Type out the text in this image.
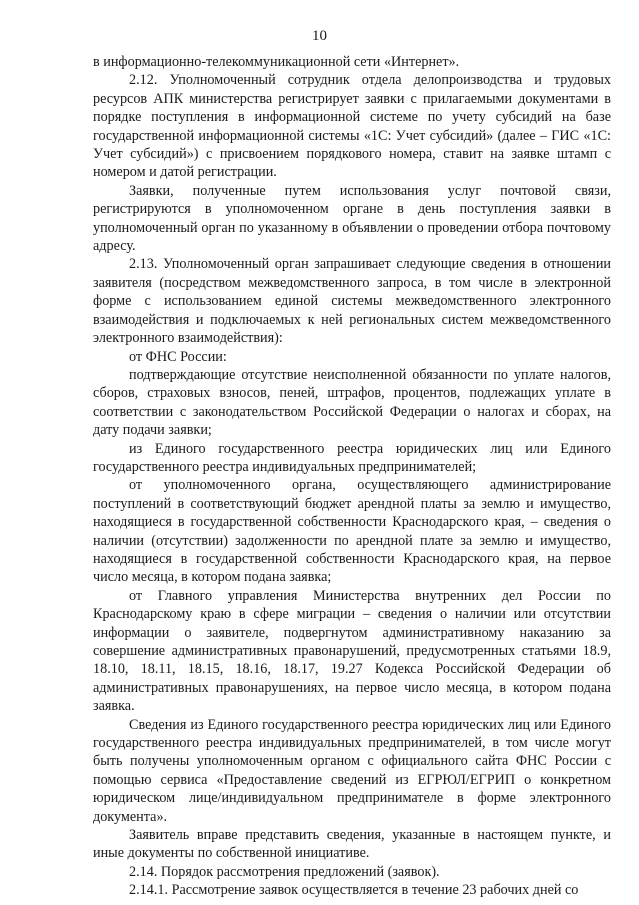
10

в информационно-телекоммуникационной сети «Интернет».

2.12. Уполномоченный сотрудник отдела делопроизводства и трудовых ресурсов АПК министерства регистрирует заявки с прилагаемыми документами в порядке поступления в информационной системе по учету субсидий на базе государственной информационной системы «1С: Учет субсидий» (далее – ГИС «1С: Учет субсидий») с присвоением порядкового номера, ставит на заявке штамп с номером и датой регистрации.

Заявки, полученные путем использования услуг почтовой связи, регистрируются в уполномоченном органе в день поступления заявки в уполномоченный орган по указанному в объявлении о проведении отбора почтовому адресу.

2.13. Уполномоченный орган запрашивает следующие сведения в отношении заявителя (посредством межведомственного запроса, в том числе в электронной форме с использованием единой системы межведомственного электронного взаимодействия и подключаемых к ней региональных систем межведомственного электронного взаимодействия):

от ФНС России:

подтверждающие отсутствие неисполненной обязанности по уплате налогов, сборов, страховых взносов, пеней, штрафов, процентов, подлежащих уплате в соответствии с законодательством Российской Федерации о налогах и сборах, на дату подачи заявки;

из Единого государственного реестра юридических лиц или Единого государственного реестра индивидуальных предпринимателей;

от уполномоченного органа, осуществляющего администрирование поступлений в соответствующий бюджет арендной платы за землю и имущество, находящиеся в государственной собственности Краснодарского края, – сведения о наличии (отсутствии) задолженности по арендной плате за землю и имущество, находящиеся в государственной собственности Краснодарского края, на первое число месяца, в котором подана заявка;

от Главного управления Министерства внутренних дел России по Краснодарскому краю в сфере миграции – сведения о наличии или отсутствии информации о заявителе, подвергнутом административному наказанию за совершение административных правонарушений, предусмотренных статьями 18.9, 18.10, 18.11, 18.15, 18.16, 18.17, 19.27 Кодекса Российской Федерации об административных правонарушениях, на первое число месяца, в котором подана заявка.

Сведения из Единого государственного реестра юридических лиц или Единого государственного реестра индивидуальных предпринимателей, в том числе могут быть получены уполномоченным органом с официального сайта ФНС России с помощью сервиса «Предоставление сведений из ЕГРЮЛ/ЕГРИП о конкретном юридическом лице/индивидуальном предпринимателе в форме электронного документа».

Заявитель вправе представить сведения, указанные в настоящем пункте, и иные документы по собственной инициативе.

2.14. Порядок рассмотрения предложений (заявок).

2.14.1. Рассмотрение заявок осуществляется в течение 23 рабочих дней со
